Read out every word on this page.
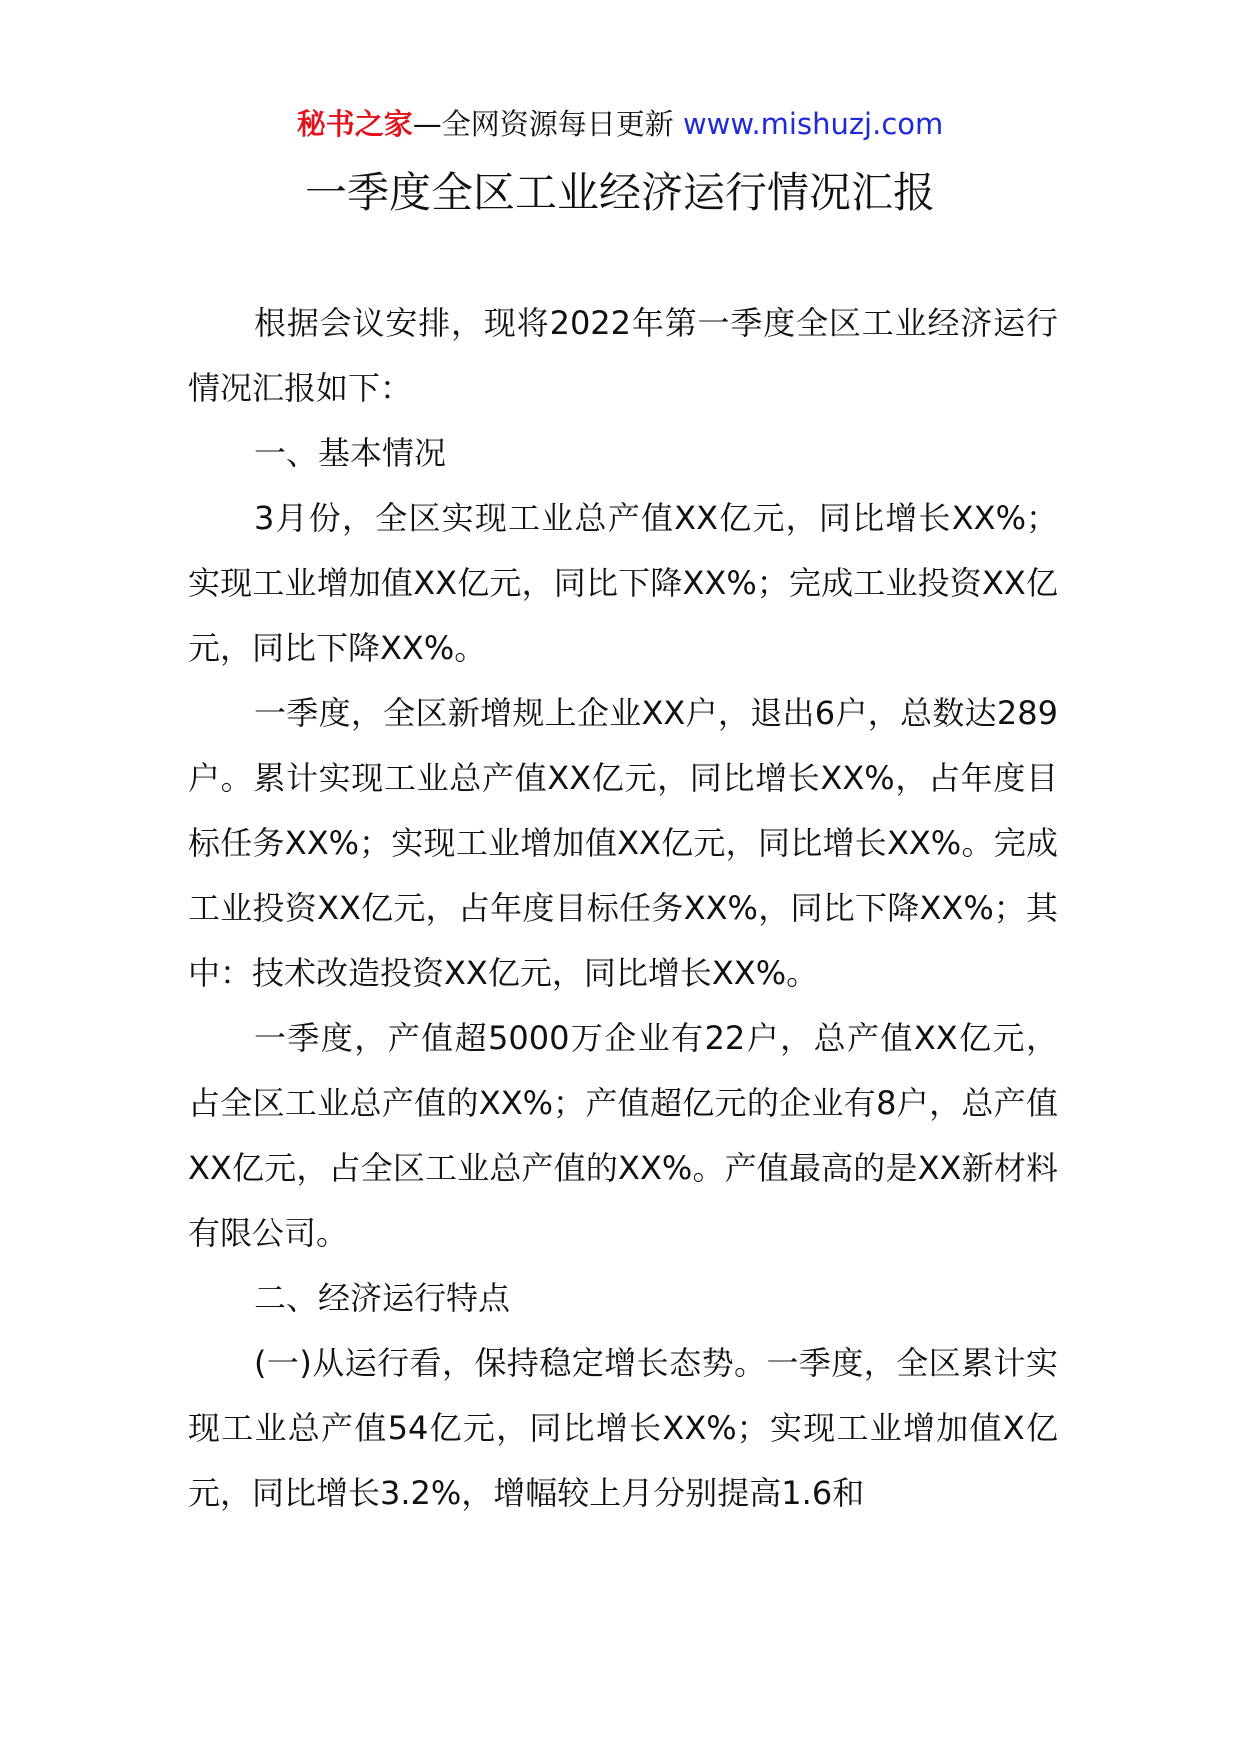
秘书之家—全网资源每日更新 www.mishuzj.com
一季度全区工业经济运行情况汇报

根据会议安排，现将2022年第一季度全区工业经济运行情况汇报如下：

一、基本情况

3月份，全区实现工业总产值XX亿元，同比增长XX%；实现工业增加值XX亿元，同比下降XX%；完成工业投资XX亿元，同比下降XX%。

一季度，全区新增规上企业XX户，退出6户，总数达289户。累计实现工业总产值XX亿元，同比增长XX%，占年度目标任务XX%；实现工业增加值XX亿元，同比增长XX%。完成工业投资XX亿元，占年度目标任务XX%，同比下降XX%；其中：技术改造投资XX亿元，同比增长XX%。

一季度，产值超5000万企业有22户，总产值XX亿元，占全区工业总产值的XX%；产值超亿元的企业有8户，总产值XX亿元，占全区工业总产值的XX%。产值最高的是XX新材料有限公司。

二、经济运行特点

(一)从运行看，保持稳定增长态势。一季度，全区累计实现工业总产值54亿元，同比增长XX%；实现工业增加值X亿元，同比增长3.2%，增幅较上月分别提高1.6和
